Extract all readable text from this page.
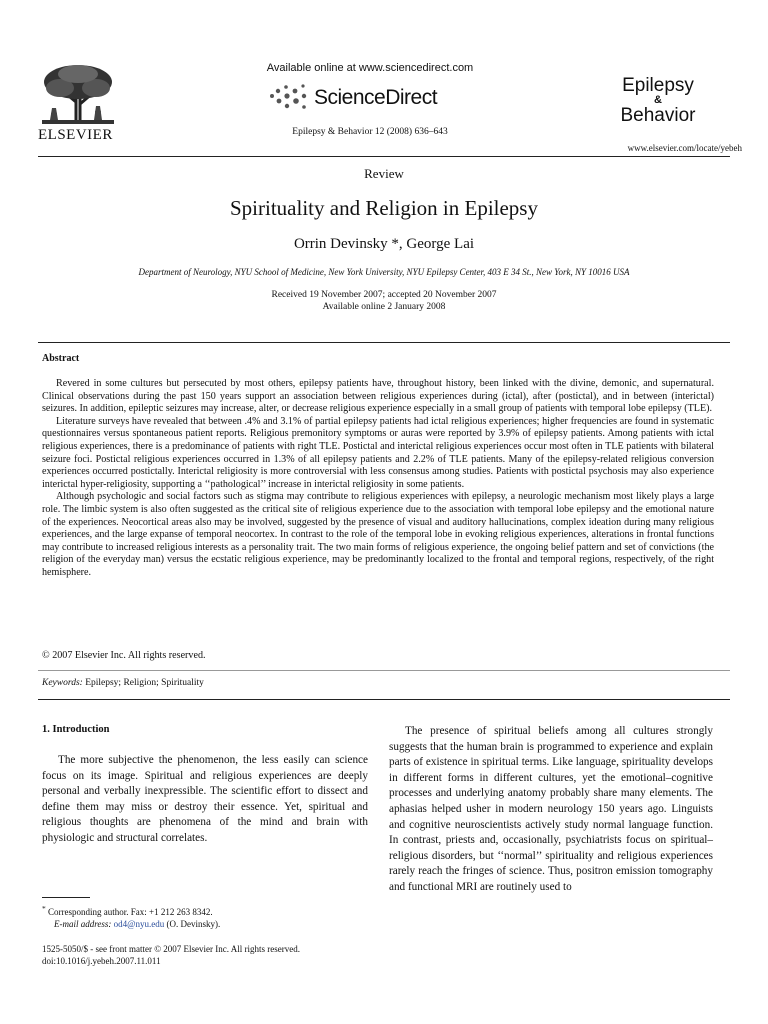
ELSEVIER
Available online at www.sciencedirect.com
ScienceDirect
Epilepsy & Behavior 12 (2008) 636–643
Epilepsy
&
Behavior
www.elsevier.com/locate/yebeh
Review
Spirituality and Religion in Epilepsy
Orrin Devinsky *, George Lai
Department of Neurology, NYU School of Medicine, New York University, NYU Epilepsy Center, 403 E 34 St., New York, NY 10016 USA
Received 19 November 2007; accepted 20 November 2007
Available online 2 January 2008
Abstract

Revered in some cultures but persecuted by most others, epilepsy patients have, throughout history, been linked with the divine, demonic, and supernatural. Clinical observations during the past 150 years support an association between religious experiences during (ictal), after (postictal), and in between (interictal) seizures. In addition, epileptic seizures may increase, alter, or decrease religious experience especially in a small group of patients with temporal lobe epilepsy (TLE).

Literature surveys have revealed that between .4% and 3.1% of partial epilepsy patients had ictal religious experiences; higher frequencies are found in systematic questionnaires versus spontaneous patient reports. Religious premonitory symptoms or auras were reported by 3.9% of epilepsy patients. Among patients with ictal religious experiences, there is a predominance of patients with right TLE. Postictal and interictal religious experiences occur most often in TLE patients with bilateral seizure foci. Postictal religious experiences occurred in 1.3% of all epilepsy patients and 2.2% of TLE patients. Many of the epilepsy-related religious conversion experiences occurred postictally. Interictal religiosity is more controversial with less consensus among studies. Patients with postictal psychosis may also experience interictal hyper-religiosity, supporting a ‘‘pathological’’ increase in interictal religiosity in some patients.

Although psychologic and social factors such as stigma may contribute to religious experiences with epilepsy, a neurologic mechanism most likely plays a large role. The limbic system is also often suggested as the critical site of religious experience due to the association with temporal lobe epilepsy and the emotional nature of the experiences. Neocortical areas also may be involved, suggested by the presence of visual and auditory hallucinations, complex ideation during many religious experiences, and the large expanse of temporal neocortex. In contrast to the role of the temporal lobe in evoking religious experiences, alterations in frontal functions may contribute to increased religious interests as a personality trait. The two main forms of religious experience, the ongoing belief pattern and set of convictions (the religion of the everyday man) versus the ecstatic religious experience, may be predominantly localized to the frontal and temporal regions, respectively, of the right hemisphere.

© 2007 Elsevier Inc. All rights reserved.
Keywords: Epilepsy; Religion; Spirituality
1. Introduction

The more subjective the phenomenon, the less easily can science focus on its image. Spiritual and religious experiences are deeply personal and verbally inexpressible. The scientific effort to dissect and define them may miss or destroy their essence. Yet, spiritual and religious thoughts are phenomena of the mind and brain with physiologic and structural correlates.

* Corresponding author. Fax: +1 212 263 8342.
E-mail address: od4@nyu.edu (O. Devinsky).
1525-5050/$ - see front matter © 2007 Elsevier Inc. All rights reserved.
doi:10.1016/j.yebeh.2007.11.011

The presence of spiritual beliefs among all cultures strongly suggests that the human brain is programmed to experience and explain parts of existence in spiritual terms. Like language, spirituality develops in different forms in different cultures, yet the emotional–cognitive processes and underlying anatomy probably share many elements. The aphasias helped usher in modern neurology 150 years ago. Linguists and cognitive neuroscientists actively study normal language function. In contrast, priests and, occasionally, psychiatrists focus on spiritual–religious disorders, but ‘‘normal’’ spirituality and religious experiences rarely reach the fringes of science. Thus, positron emission tomography and functional MRI are routinely used to
